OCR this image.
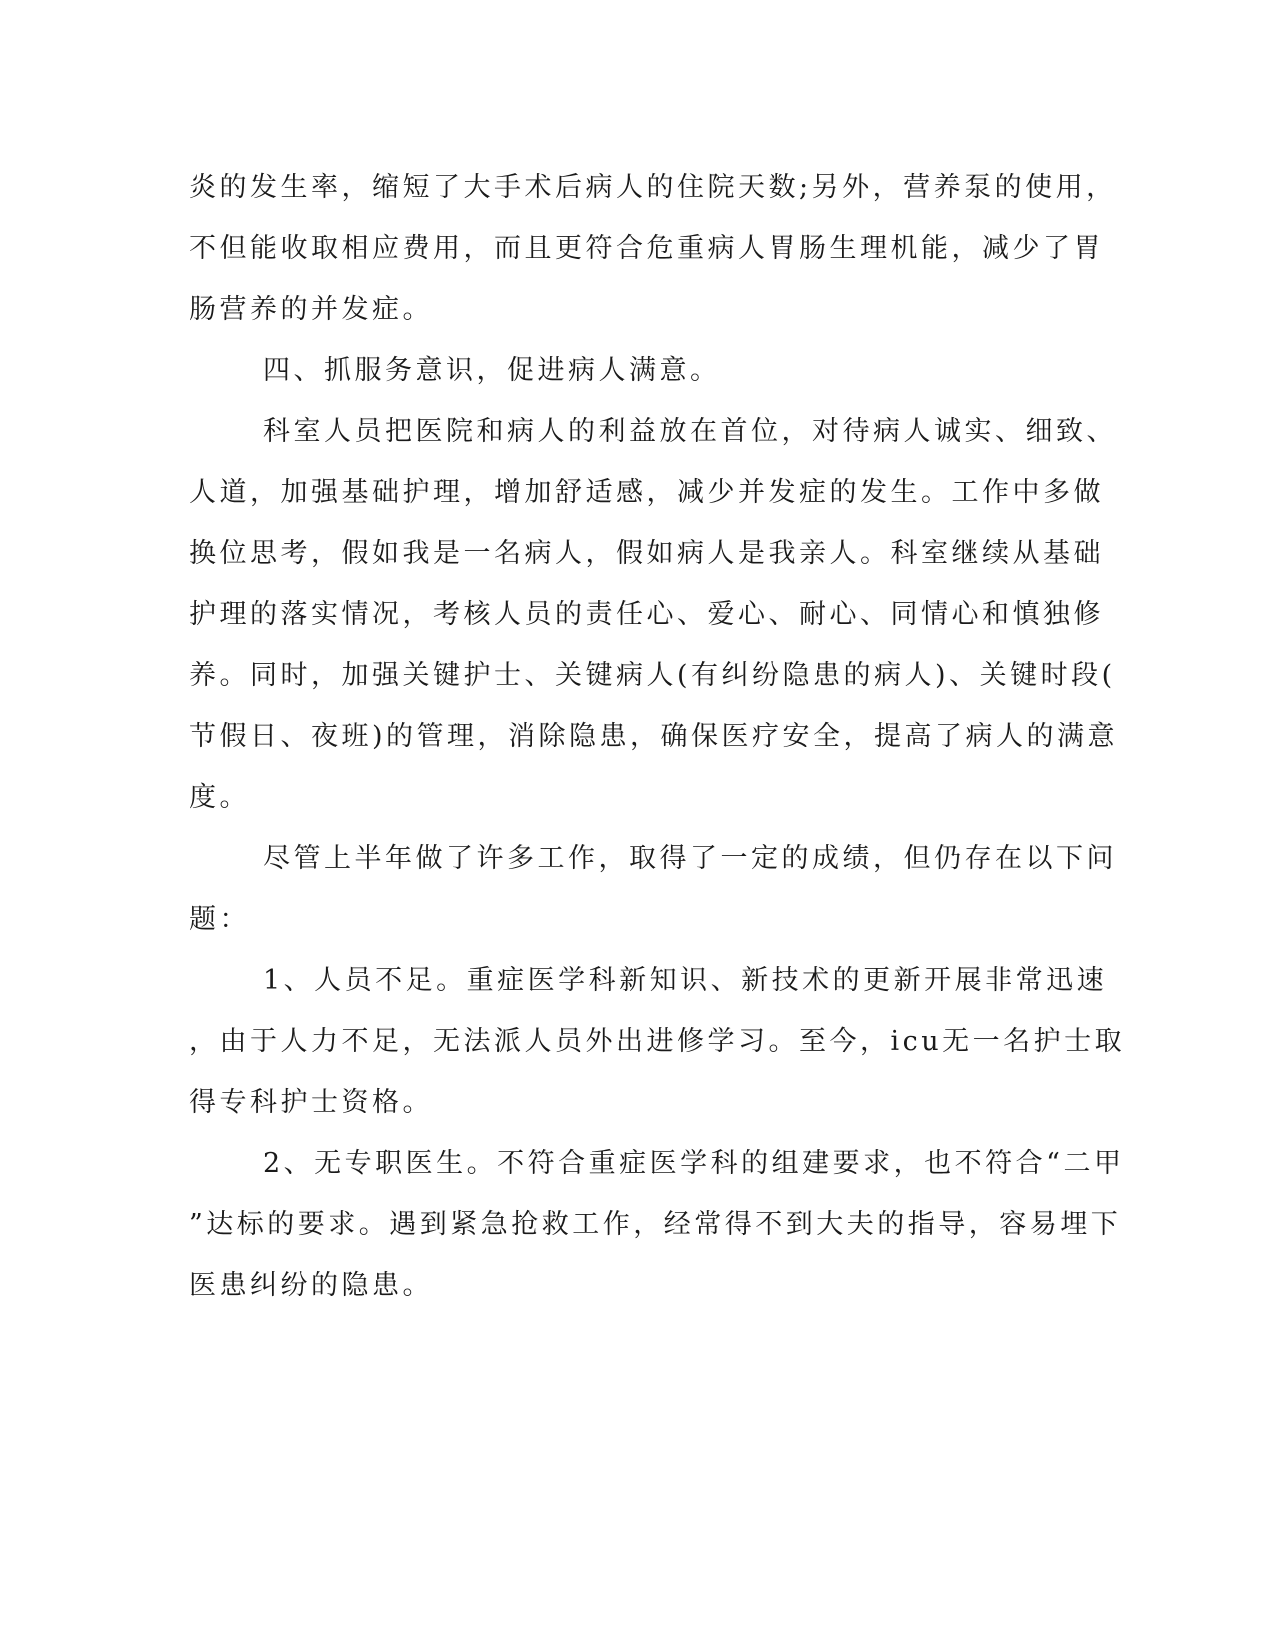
炎的发生率，缩短了大手术后病人的住院天数;另外，营养泵的使用，
不但能收取相应费用，而且更符合危重病人胃肠生理机能，减少了胃
肠营养的并发症。
四、抓服务意识，促进病人满意。
科室人员把医院和病人的利益放在首位，对待病人诚实、细致、
人道，加强基础护理，增加舒适感，减少并发症的发生。工作中多做
换位思考，假如我是一名病人，假如病人是我亲人。科室继续从基础
护理的落实情况，考核人员的责任心、爱心、耐心、同情心和慎独修
养。同时，加强关键护士、关键病人(有纠纷隐患的病人)、关键时段(
节假日、夜班)的管理，消除隐患，确保医疗安全，提高了病人的满意
度。
尽管上半年做了许多工作，取得了一定的成绩，但仍存在以下问
题：
1、人员不足。重症医学科新知识、新技术的更新开展非常迅速
，由于人力不足，无法派人员外出进修学习。至今，icu无一名护士取
得专科护士资格。
2、无专职医生。不符合重症医学科的组建要求，也不符合“二甲
”达标的要求。遇到紧急抢救工作，经常得不到大夫的指导，容易埋下
医患纠纷的隐患。
